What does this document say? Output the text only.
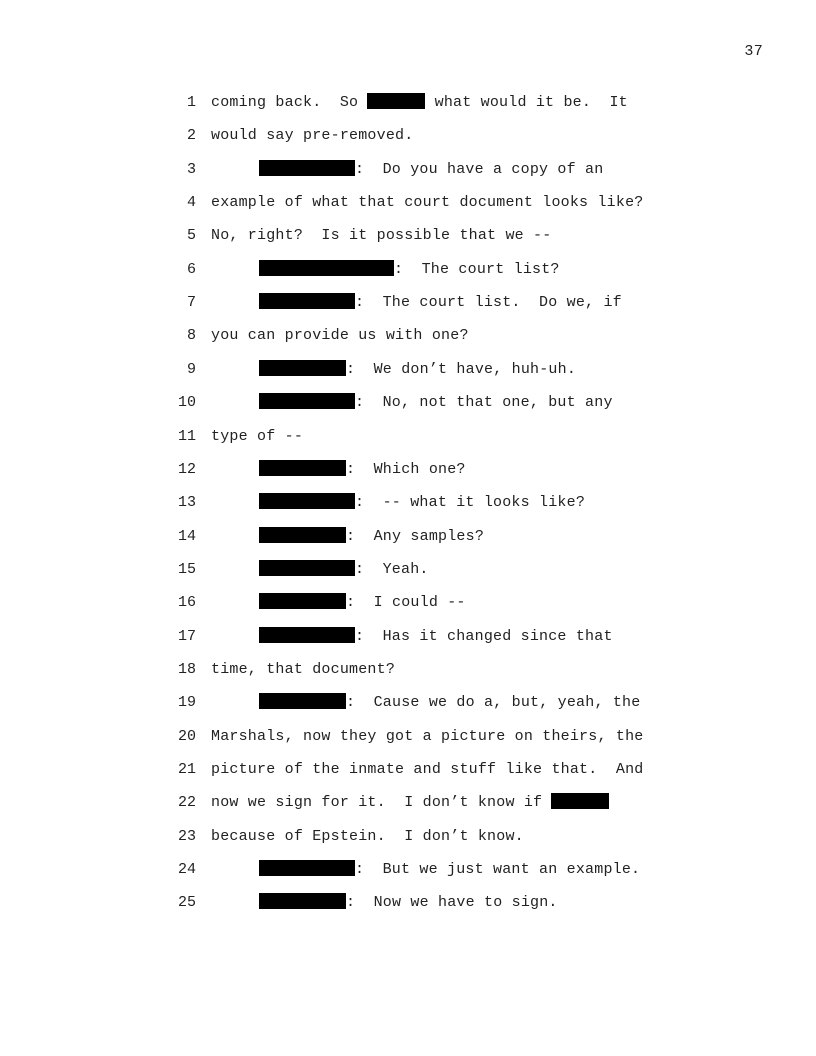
37
1 coming back.  So	what would it be.  It
2 would say pre-removed.
3	:  Do you have a copy of an
4 example of what that court document looks like?
5 No, right?  Is it possible that we --
6	:  The court list?
7	:  The court list.  Do we, if
8 you can provide us with one?
9	:  We don’t have, huh-uh.
10	:  No, not that one, but any
11 type of --
12	:  Which one?
13	:  -- what it looks like?
14	:  Any samples?
15	:  Yeah.
16	:  I could --
17	:  Has it changed since that
18 time, that document?
19	:  Cause we do a, but, yeah, the
20 Marshals, now they got a picture on theirs, the
21 picture of the inmate and stuff like that.  And
22 now we sign for it.  I don’t know if
23 because of Epstein.  I don’t know.
24	:  But we just want an example.
25	:  Now we have to sign.
